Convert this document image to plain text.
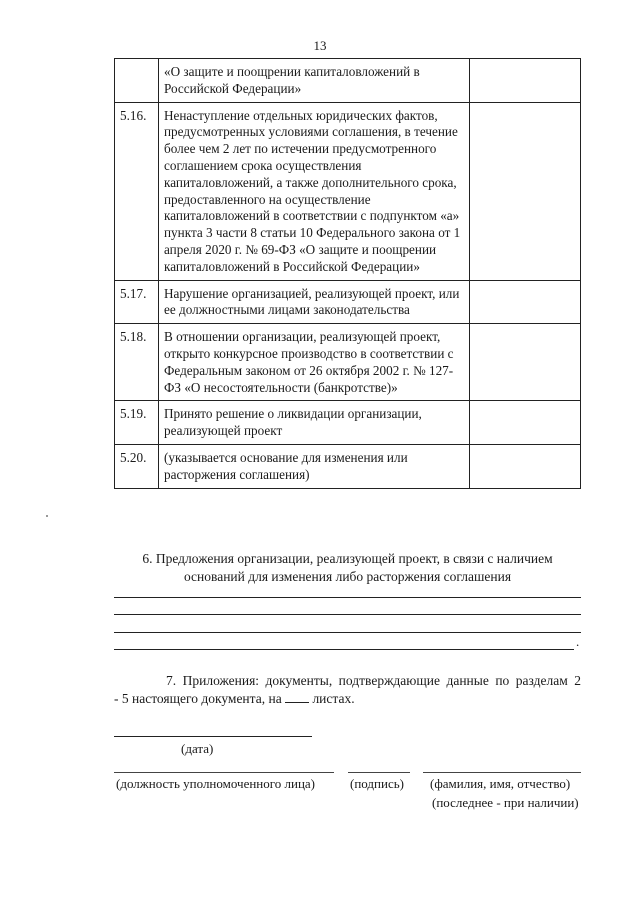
13
	«О защите и поощрении капиталовложений в Российской Федерации»	
5.16.	Ненаступление отдельных юридических фактов, предусмотренных условиями соглашения, в течение более чем 2 лет по истечении предусмотренного соглашением срока осуществления капиталовложений, а также дополнительного срока, предоставленного на осуществление капиталовложений в соответствии с подпунктом «а» пункта 3 части 8 статьи 10 Федерального закона от 1 апреля 2020 г. № 69-ФЗ «О защите и поощрении капиталовложений в Российской Федерации»	
5.17.	Нарушение организацией, реализующей проект, или ее должностными лицами законодательства	
5.18.	В отношении организации, реализующей проект, открыто конкурсное производство в соответствии с Федеральным законом от 26 октября 2002 г. № 127-ФЗ «О несостоятельности (банкротстве)»	
5.19.	Принято решение о ликвидации организации, реализующей проект	
5.20.	(указывается основание для изменения или расторжения соглашения)	
6. Предложения организации, реализующей проект, в связи с наличием
оснований для изменения либо расторжения соглашения
.
7. Приложения: документы, подтверждающие данные по разделам 2
- 5 настоящего документа, на листах.
(дата)
(должность уполномоченного лица)	(подпись) (фамилия, имя, отчество)
(последнее - при наличии)
